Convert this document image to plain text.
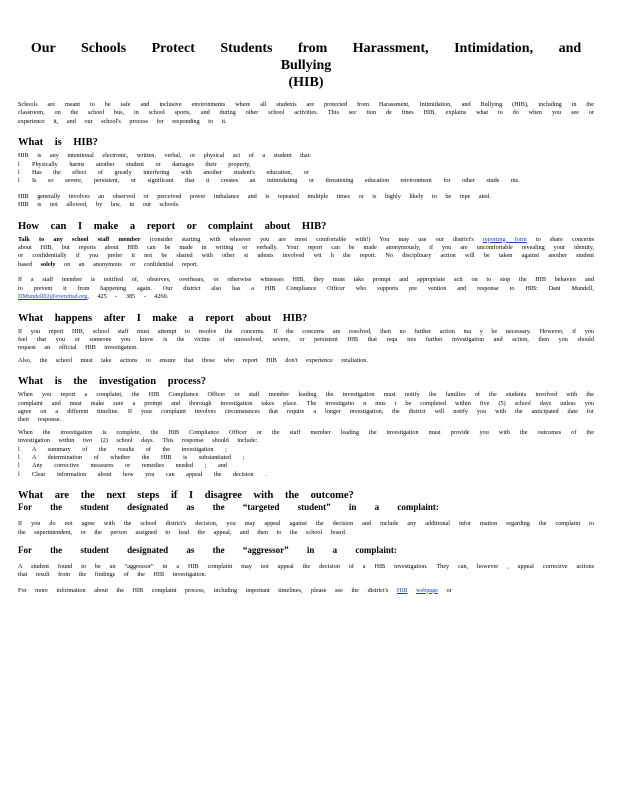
Our Schools Protect Students from Harassment, Intimidation, and Bullying
(HIB)

Schools are meant to be safe and inclusive environments where all students are protected from Harassment, Intimidation, and Bullying (HIB), including in the classroom, on the school bus, in school sports, and during other school activities. This sec tion de fines HIB, explains what to do when you see or experience it, and our school's process for responding to it.

What is HIB?

HIB is any intentional electronic, written, verbal, or physical act of a student that:

l Physically harms another student or damages their property,
l Has the effect of greatly interfering with another student's education, or
l Is so severe, persistent, or significant that it creates an intimidating or threatening education environment for other stude nts.

HIB generally involves an observed or perceived power imbalance and is repeated multiple times or is highly likely to be repe ated.

HIB is not allowed, by law, in our schools.

How can I make a report or complaint about HIB?

Talk to any school staff member (consider starting with whoever you are most comfortable with!) You may use our district's reporting form to share concerns about HIB, but reports about HIB can be made in writing or verbally. Your report can be made anonymously, if you are uncomfortable revealing your identity, or confidentially if you prefer it not be shared with other st udents involved wit h the report. No disciplinary action will be taken against another student based solely on an anonymous or confidential report.

If a staff member is notified of, observes, overhears, or otherwise witnesses HIB, they must take prompt and appropriate acti on to stop the HIB behavior and to prevent it from happening again. Our district also has a HIB Compliance Officer who supports pre vention and response to HIB: Dani Mundell, DMundell02@everettsd.org, 425 - 385 - 4260.

What happens after I make a report about HIB?

If you report HIB, school staff must attempt to resolve the concerns. If the concerns are resolved, then no further action ma y be necessary. However, if you feel that you or someone you know is the victim of unresolved, severe, or persistent HIB that requ ires further investigation and action, then you should request an official HIB investigation.

Also, the school must take actions to ensure that those who report HIB don't experience retaliation.

What is the investigation process?

When you report a complaint, the HIB Compliance Officer or staff member leading the investigation must notify the families of the students involved with the complaint and must make sure a prompt and thorough investigation takes place. The investigatio n mus t be completed within five (5) school days unless you agree on a different timeline. If your complaint involves circumstances that require a longer investigation, the district will notify you with the anticipated date for their response.

When the investigation is complete, the HIB Compliance Officer or the staff member leading the investigation must provide you with the outcomes of the investigation within two (2) school days. This response should include:

l A summary of the results of the investigation ;
l A determination of whether the HIB is substantiated ;
l Any corrective measures or remedies needed ; and
l Clear information about how you can appeal the decision .
What are the next steps if I disagree with the outcome?
For the student designated as the “targeted student” in a complaint:

If you do not agree with the school district's decision, you may appeal against the decision and include any additional infor mation regarding the complaint to the superintendent, or the person assigned to lead the appeal, and then to the school board.

For the student designated as the “aggressor” in a complaint:

A student found to be an “aggressor” in a HIB complaint may not appeal the decision of a HIB investigation. They can, however , appeal corrective actions that result from the findings of the HIB investigation.

For more information about the HIB complaint process, including important timelines, please see the district's HIB webpage or
